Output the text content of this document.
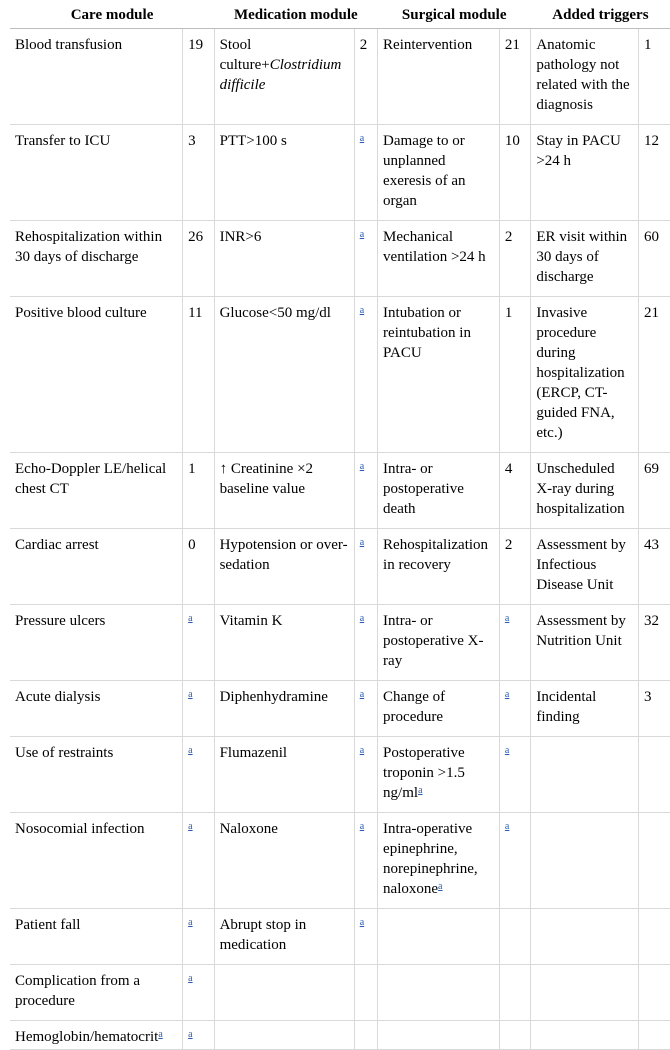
Care module		Medication module		Surgical module		Added triggers	
Blood transfusion	19	Stool culture+Clostridium difficile	2	Reintervention	21	Anatomic pathology not related with the diagnosis	1
Transfer to ICU	3	PTT>100 s	$^a$	Damage to or unplanned exeresis of an organ	10	Stay in PACU >24 h	12
Rehospitalization within 30 days of discharge	26	INR>6	$^a$	Mechanical ventilation >24 h	2	ER visit within 30 days of discharge	60
Positive blood culture	11	Glucose<50 mg/dl	$^a$	Intubation or reintubation in PACU	1	Invasive procedure during hospitalization (ERCP, CT-guided FNA, etc.)	21
Echo-Doppler LE/helical chest CT	1	↑ Creatinine ×2 baseline value	$^a$	Intra- or postoperative death	4	Unscheduled X-ray during hospitalization	69
Cardiac arrest	0	Hypotension or over-sedation	$^a$	Rehospitalization in recovery	2	Assessment by Infectious Disease Unit	43
Pressure ulcers	$^a$	Vitamin K	$^a$	Intra- or postoperative X-ray	$^a$	Assessment by Nutrition Unit	32
Acute dialysis	$^a$	Diphenhydramine	$^a$	Change of procedure	$^a$	Incidental finding	3
Use of restraints	$^a$	Flumazenil	$^a$	Postoperative troponin >1.5 ng/ml$^a$	$^a$		
Nosocomial infection	$^a$	Naloxone	$^a$	Intra-operative epinephrine, norepinephrine, naloxone$^a$	$^a$		
Patient fall	$^a$	Abrupt stop in medication	$^a$				
Complication from a procedure	$^a$						
Hemoglobin/hematocrit$^a$	$^a$						
